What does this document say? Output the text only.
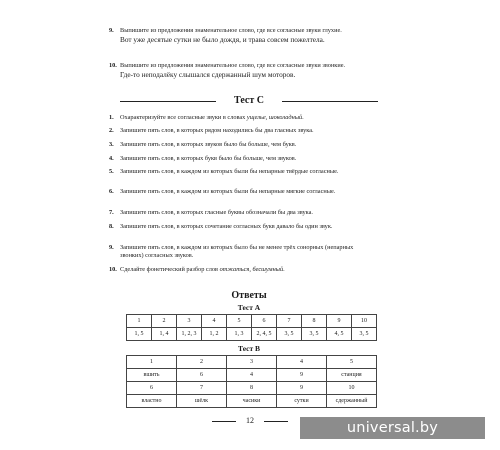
9. Выпишите из предложения знаменательное слово, где все согласные звуки глухие.
Вот уже десятые сутки не было дождя, и трава совсем пожелтела.
10. Выпишите из предложения знаменательное слово, где все согласные звуки звонкие.
Где-то неподалёку слышался сдержанный шум моторов.
Тест С
1. Охарактеризуйте все согласные звуки в словах ущелье, шоколадный.
2. Запишите пять слов, в которых рядом находились бы два гласных звука.
3. Запишите пять слов, в которых звуков было бы больше, чем букв.
4. Запишите пять слов, в которых букв было бы больше, чем звуков.
5. Запишите пять слов, в каждом из которых были бы непарные твёрдые согласные.
6. Запишите пять слов, в каждом из которых были бы непарные мягкие согласные.
7. Запишите пять слов, в которых гласные буквы обозначали бы два звука.
8. Запишите пять слов, в которых сочетание согласных букв давало бы один звук.
9. Запишите пять слов, в каждом из которых было бы не менее трёх сонорных (непарных звонких) согласных звуков.
10. Сделайте фонетический разбор слов отжаться, бесшумный.
Ответы
Тест А
1	2	3	4	5	6	7	8	9	10
1, 5	1, 4	1, 2, 3	1, 2	1, 3	2, 4, 5	3, 5	3, 5	4, 5	3, 5
Тест В
1	2	3	4	5
вшить	6	4	9	станция
6	7	8	9	10
властно	шёлк	часики	сутки	сдержанный
12	universal.by
